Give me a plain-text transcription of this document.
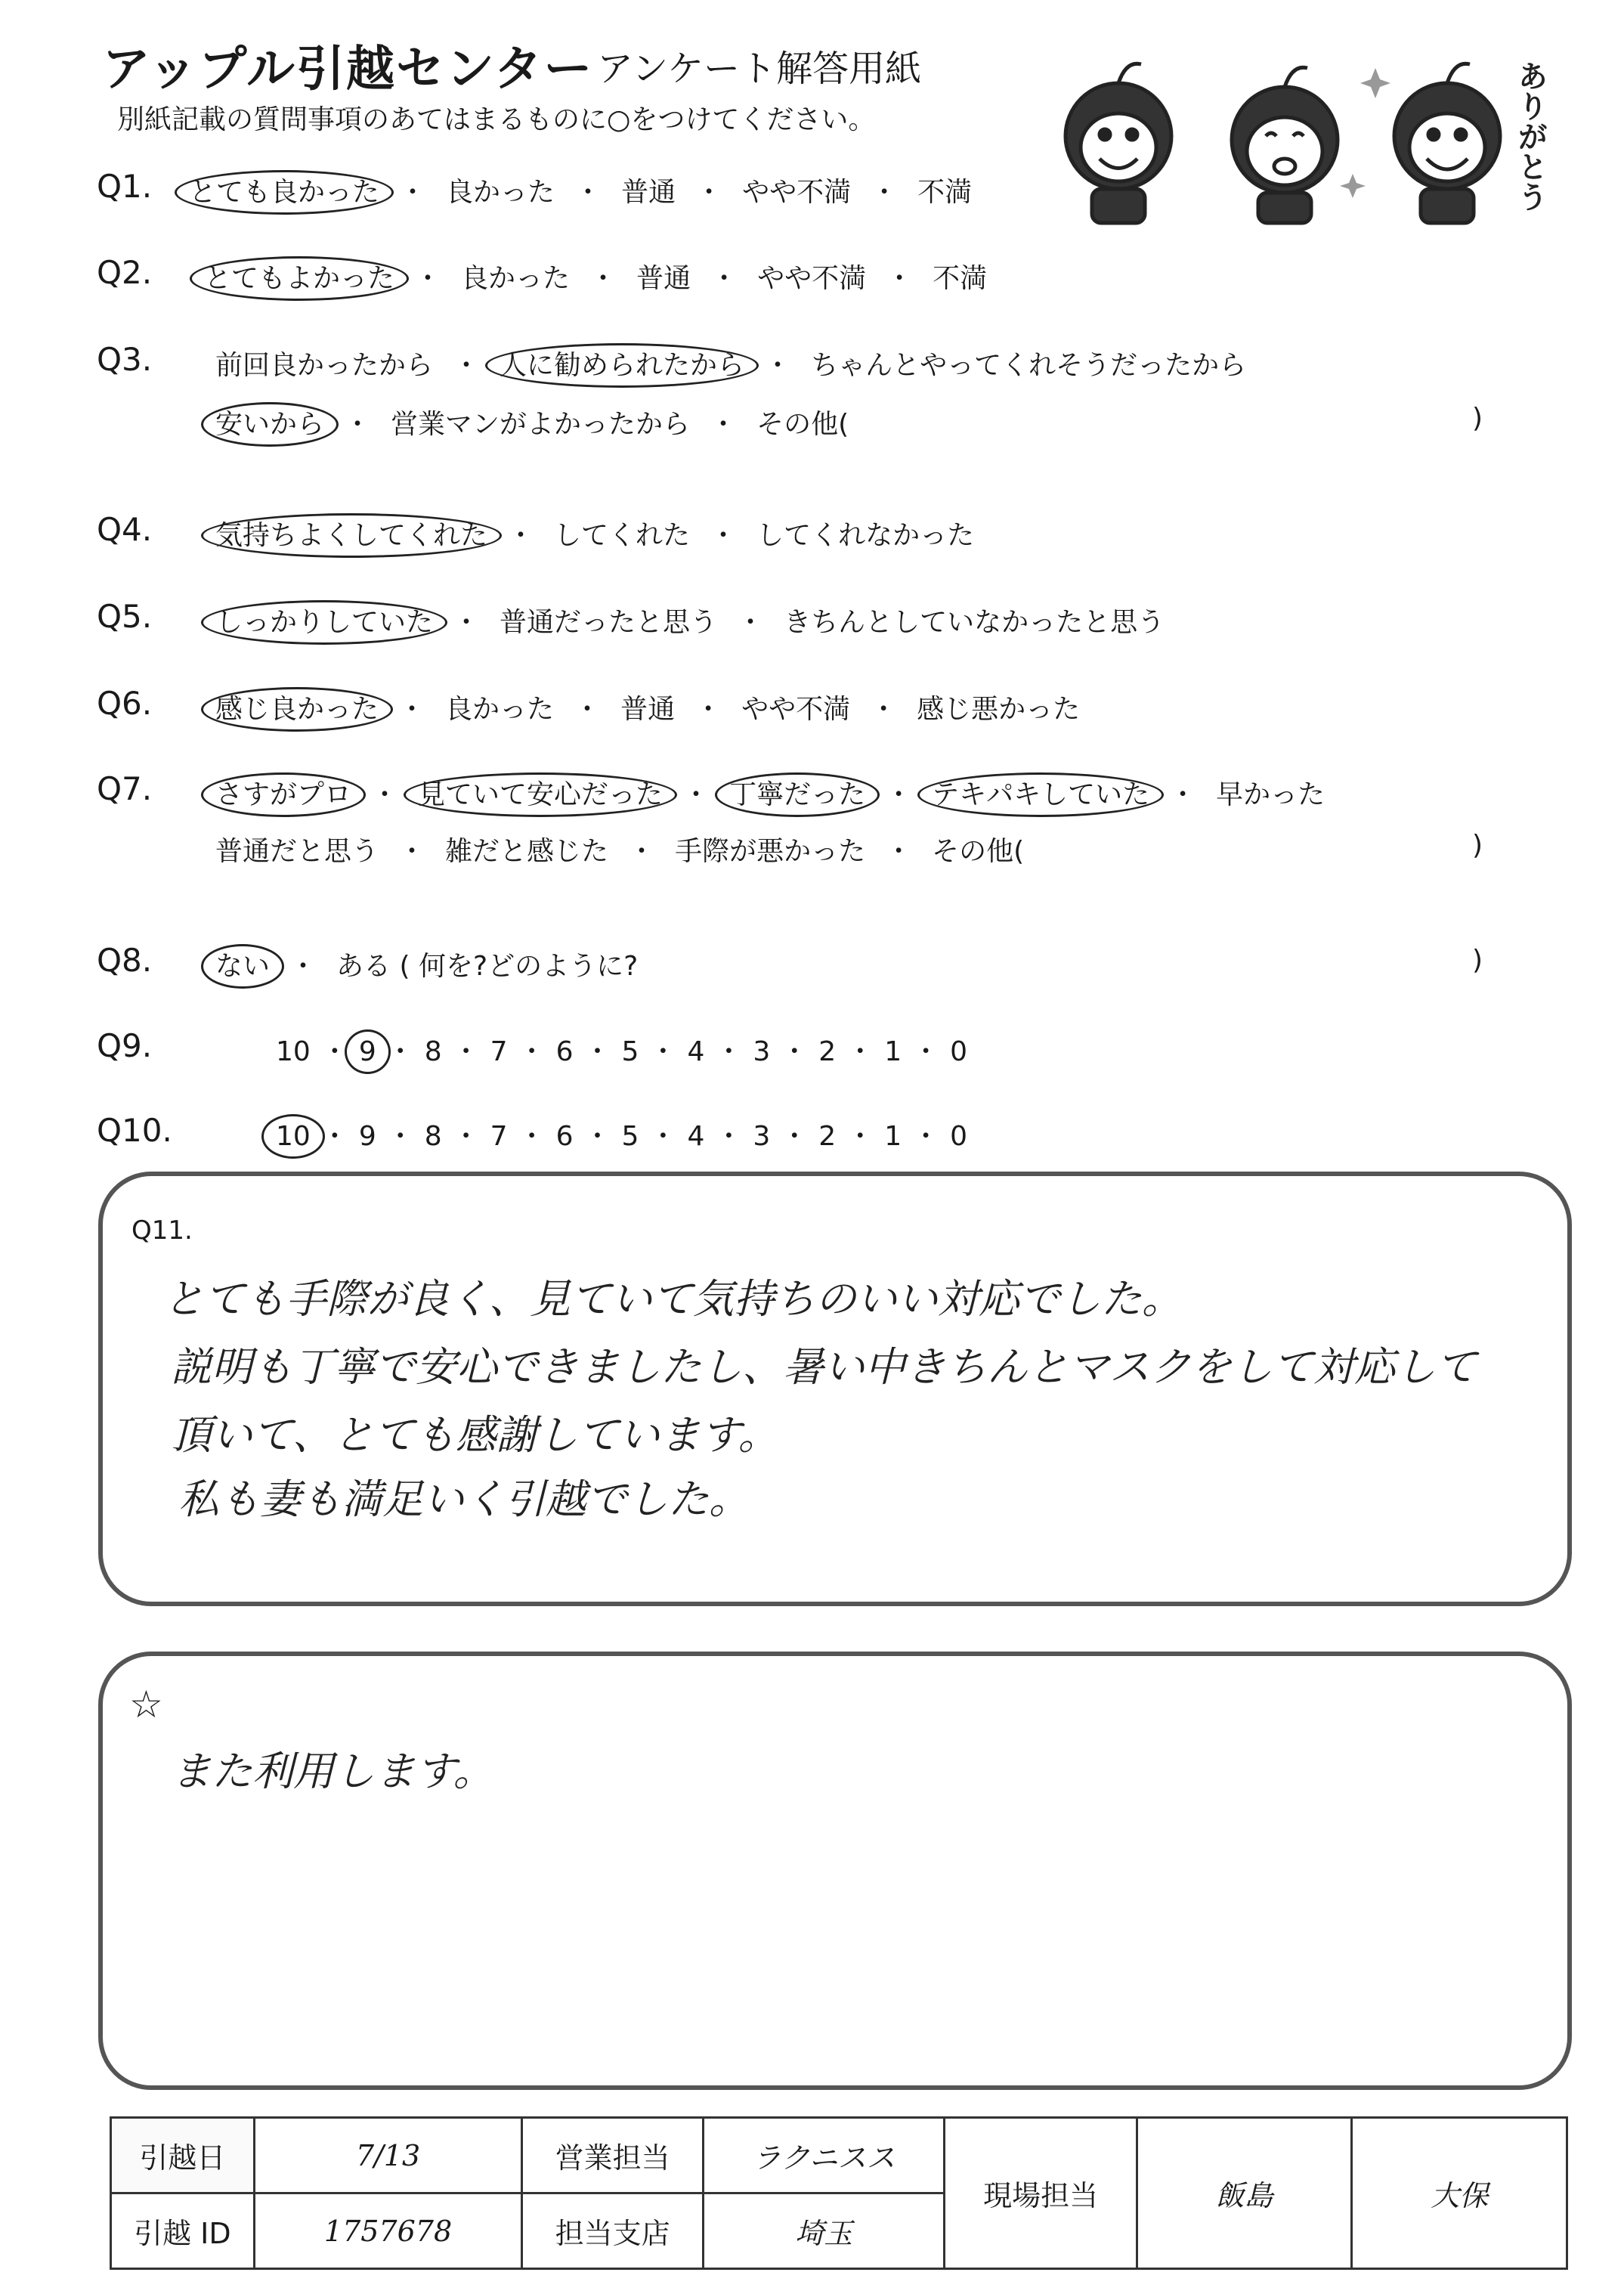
アップル引越センター アンケート解答用紙
別紙記載の質問事項のあてはまるものに○をつけてください。	ありがとう
Q1. とても良かった ・ 良かった ・ 普通 ・ やや不満 ・ 不満
Q2. とてもよかった ・ 良かった ・ 普通 ・ やや不満 ・ 不満
Q3. 前回良かったから ・ 人に勧められたから ・ ちゃんとやってくれそうだったから
安いから ・ 営業マンがよかったから ・ その他(	)
Q4. 気持ちよくしてくれた ・ してくれた ・ してくれなかった
Q5. しっかりしていた ・ 普通だったと思う ・ きちんとしていなかったと思う
Q6. 感じ良かった ・ 良かった ・ 普通 ・ やや不満 ・ 感じ悪かった
Q7. さすがプロ ・ 見ていて安心だった ・ 丁寧だった ・ テキパキしていた ・ 早かった
普通だと思う ・ 雑だと感じた ・ 手際が悪かった ・ その他(	)
Q8. ない ・ ある ( 何を?どのように?	)
Q9.	10 ・ 9 ・ 8 ・ 7 ・ 6 ・ 5 ・ 4 ・ 3 ・ 2 ・ 1 ・ 0
Q10.	10 ・ 9 ・ 8 ・ 7 ・ 6 ・ 5 ・ 4 ・ 3 ・ 2 ・ 1 ・ 0
Q11.
とても手際が良く、見ていて気持ちのいい対応でした。
説明も丁寧で安心できましたし、暑い中きちんとマスクをして対応して
頂いて、とても感謝しています。
私も妻も満足いく引越でした。
☆
また利用します。
引越日	7/13	営業担当	ラクニスス	現場担当	飯島	大保
引越 ID	1757678	担当支店	埼玉			
